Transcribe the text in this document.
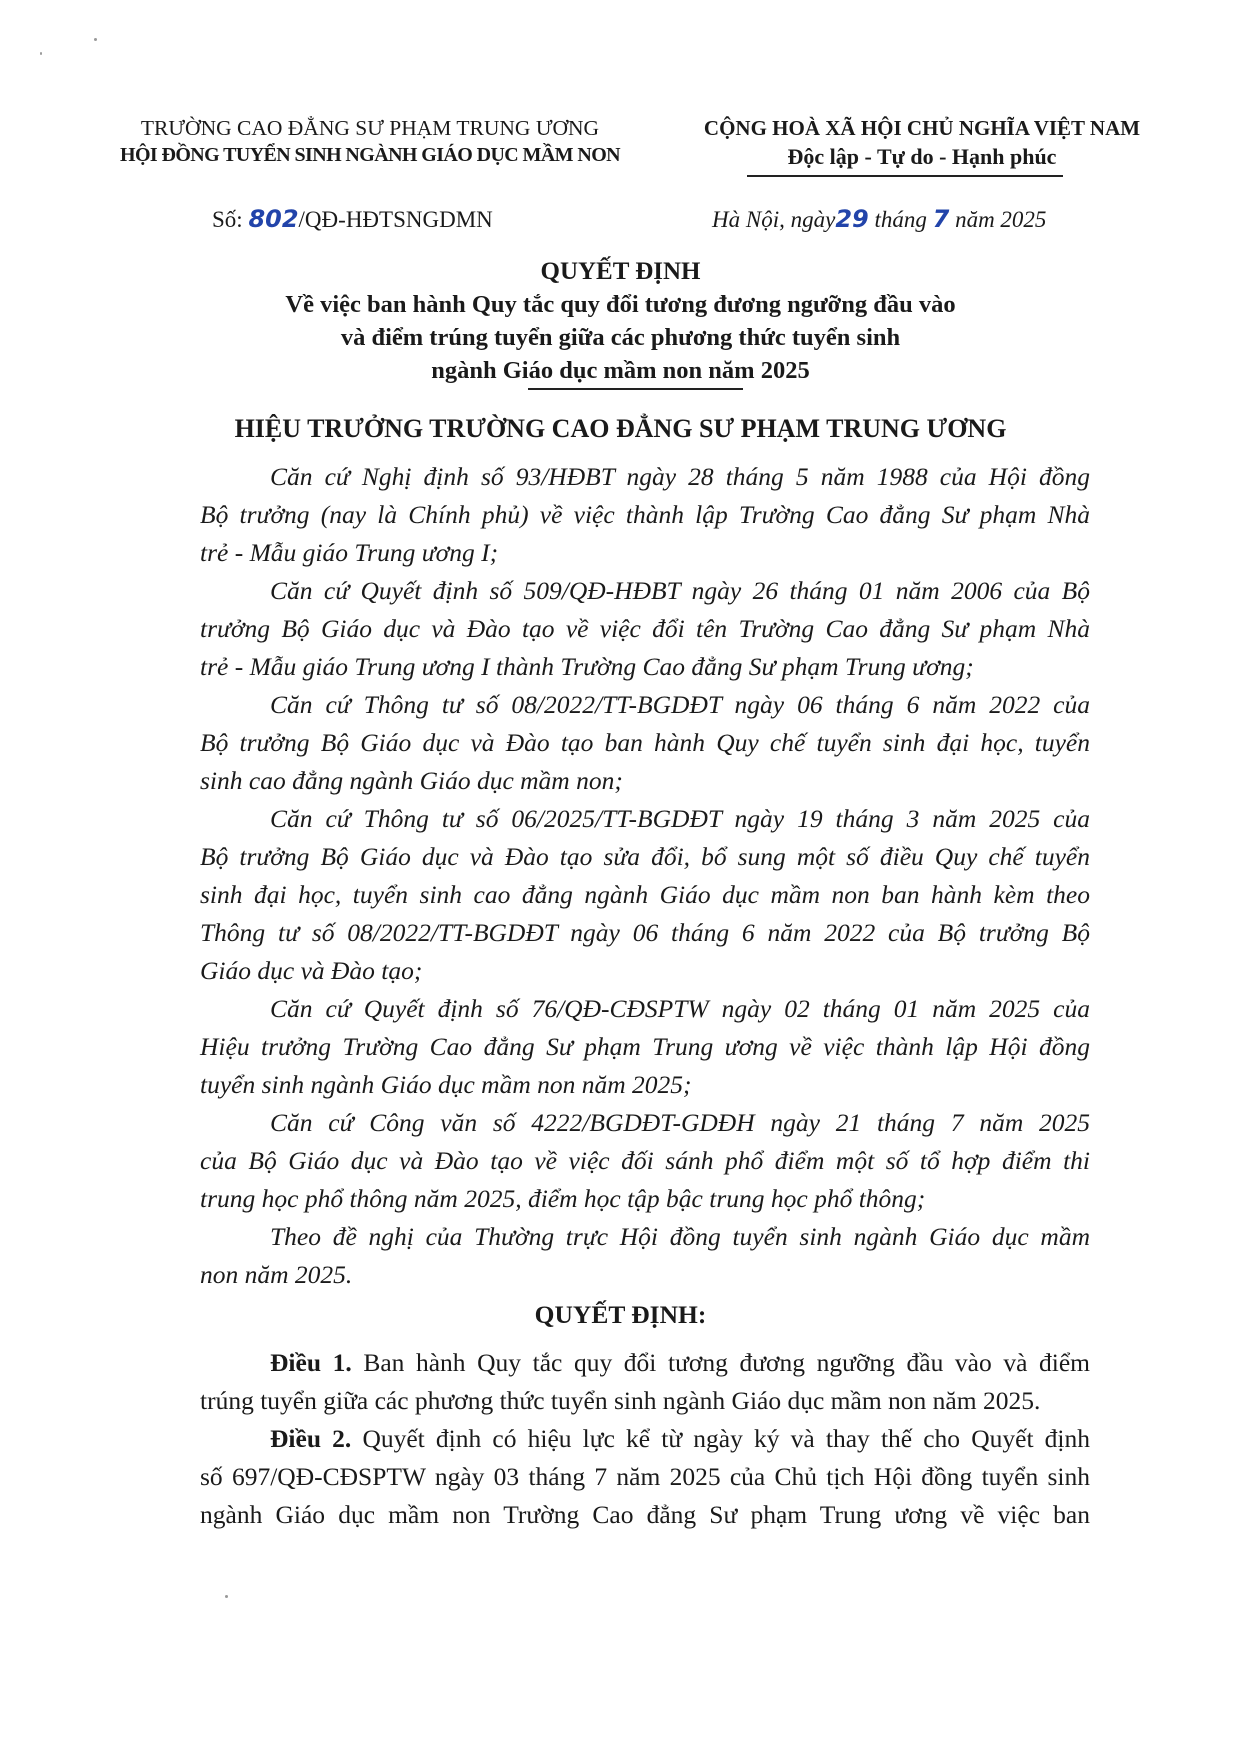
TRƯỜNG CAO ĐẲNG SƯ PHẠM TRUNG ƯƠNG
HỘI ĐỒNG TUYỂN SINH NGÀNH GIÁO DỤC MẦM NON
CỘNG HOÀ XÃ HỘI CHỦ NGHĨA VIỆT NAM
Độc lập - Tự do - Hạnh phúc
Số: 802/QĐ-HĐTSNGDMN	Hà Nội, ngày29 tháng 7 năm 2025
QUYẾT ĐỊNH
Về việc ban hành Quy tắc quy đổi tương đương ngưỡng đầu vào
và điểm trúng tuyển giữa các phương thức tuyển sinh
ngành Giáo dục mầm non năm 2025
HIỆU TRƯỞNG TRƯỜNG CAO ĐẲNG SƯ PHẠM TRUNG ƯƠNG
Căn cứ Nghị định số 93/HĐBT ngày 28 tháng 5 năm 1988 của Hội đồng
Bộ trưởng (nay là Chính phủ) về việc thành lập Trường Cao đẳng Sư phạm Nhà
trẻ - Mẫu giáo Trung ương I;
Căn cứ Quyết định số 509/QĐ-HĐBT ngày 26 tháng 01 năm 2006 của Bộ
trưởng Bộ Giáo dục và Đào tạo về việc đổi tên Trường Cao đẳng Sư phạm Nhà
trẻ - Mẫu giáo Trung ương I thành Trường Cao đẳng Sư phạm Trung ương;
Căn cứ Thông tư số 08/2022/TT-BGDĐT ngày 06 tháng 6 năm 2022 của
Bộ trưởng Bộ Giáo dục và Đào tạo ban hành Quy chế tuyển sinh đại học, tuyển
sinh cao đẳng ngành Giáo dục mầm non;
Căn cứ Thông tư số 06/2025/TT-BGDĐT ngày 19 tháng 3 năm 2025 của
Bộ trưởng Bộ Giáo dục và Đào tạo sửa đổi, bổ sung một số điều Quy chế tuyển
sinh đại học, tuyển sinh cao đẳng ngành Giáo dục mầm non ban hành kèm theo
Thông tư số 08/2022/TT-BGDĐT ngày 06 tháng 6 năm 2022 của Bộ trưởng Bộ
Giáo dục và Đào tạo;
Căn cứ Quyết định số 76/QĐ-CĐSPTW ngày 02 tháng 01 năm 2025 của
Hiệu trưởng Trường Cao đẳng Sư phạm Trung ương về việc thành lập Hội đồng
tuyển sinh ngành Giáo dục mầm non năm 2025;
Căn cứ Công văn số 4222/BGDĐT-GDĐH ngày 21 tháng 7 năm 2025
của Bộ Giáo dục và Đào tạo về việc đối sánh phổ điểm một số tổ hợp điểm thi
trung học phổ thông năm 2025, điểm học tập bậc trung học phổ thông;
Theo đề nghị của Thường trực Hội đồng tuyển sinh ngành Giáo dục mầm
non năm 2025.
QUYẾT ĐỊNH:
Điều 1. Ban hành Quy tắc quy đổi tương đương ngưỡng đầu vào và điểm
trúng tuyển giữa các phương thức tuyển sinh ngành Giáo dục mầm non năm 2025.
Điều 2. Quyết định có hiệu lực kể từ ngày ký và thay thế cho Quyết định
số 697/QĐ-CĐSPTW ngày 03 tháng 7 năm 2025 của Chủ tịch Hội đồng tuyển sinh
ngành Giáo dục mầm non Trường Cao đẳng Sư phạm Trung ương về việc ban
